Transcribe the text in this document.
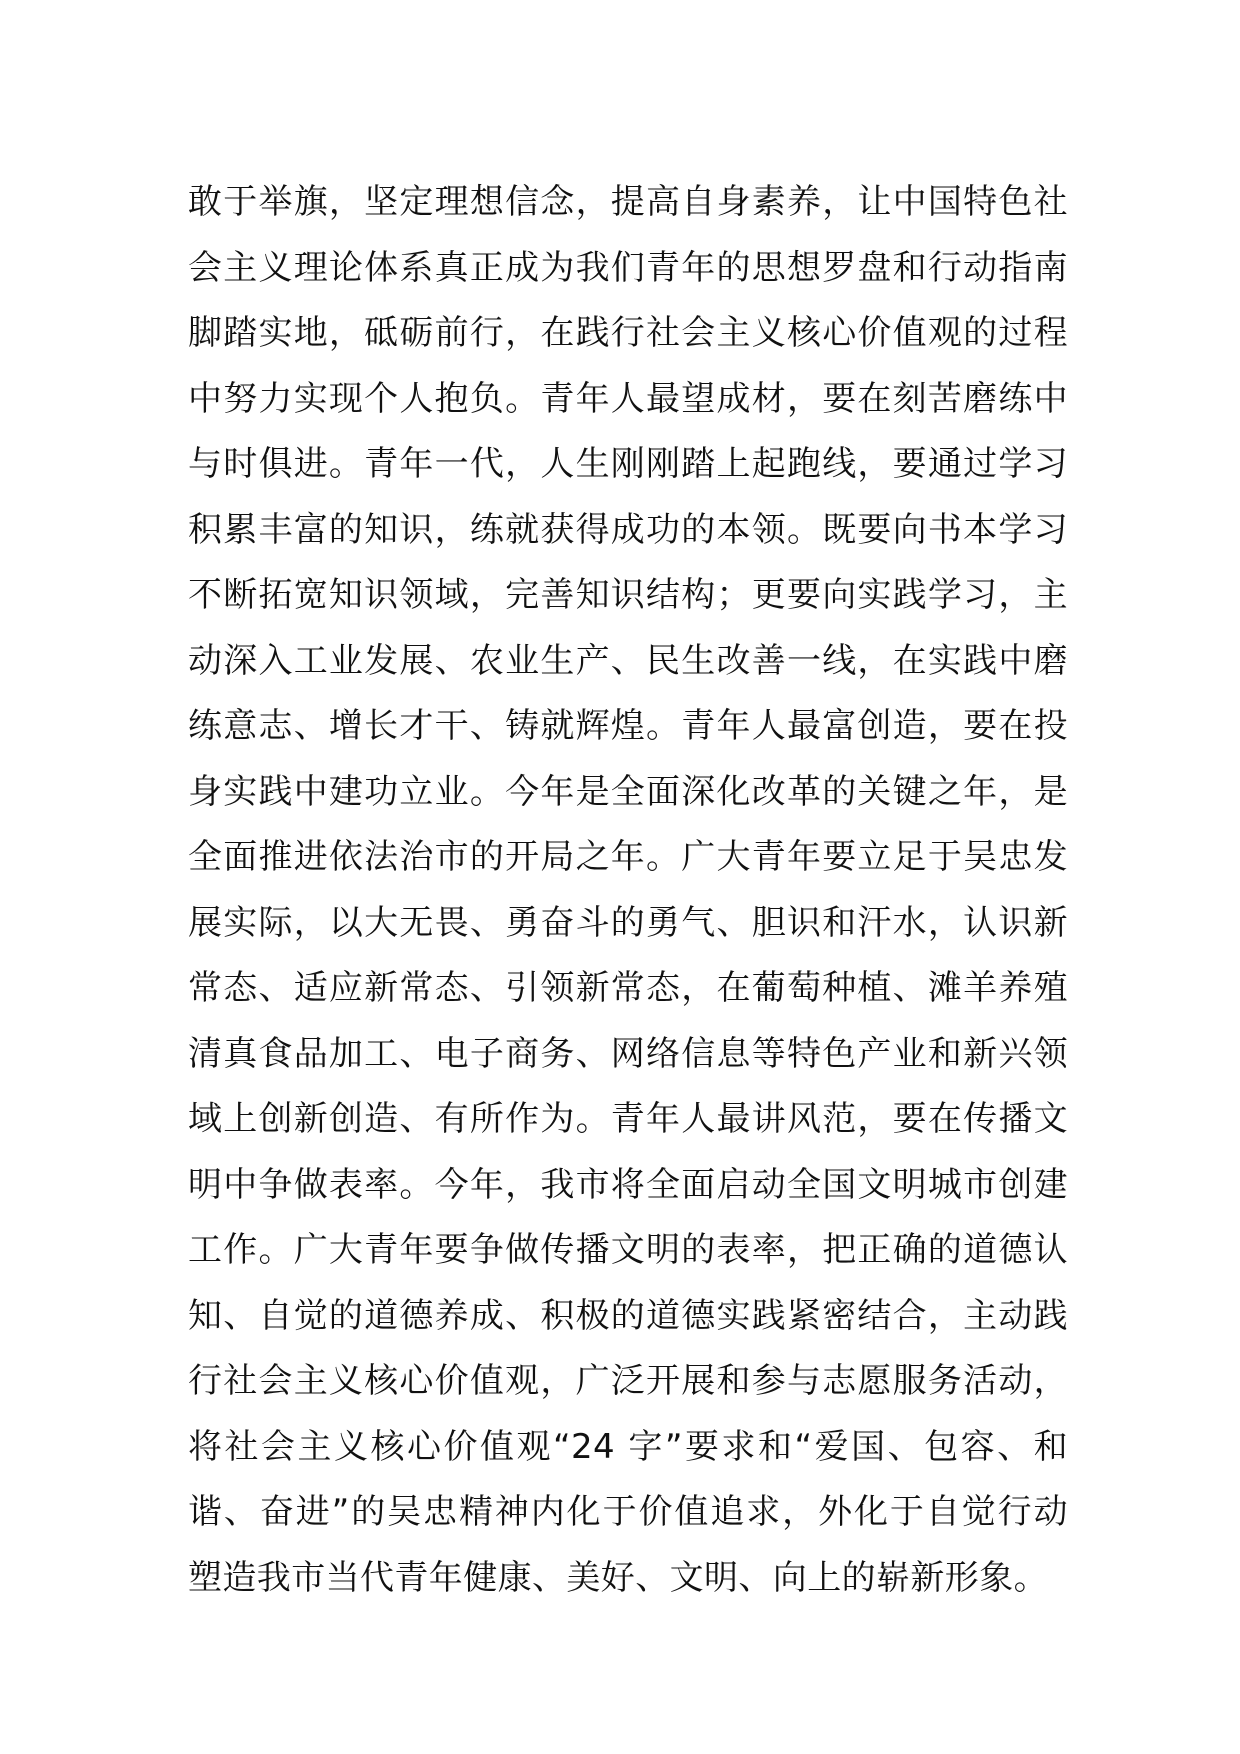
敢于举旗，坚定理想信念，提高自身素养，让中国特色社
会主义理论体系真正成为我们青年的思想罗盘和行动指南
脚踏实地，砥砺前行，在践行社会主义核心价值观的过程
中努力实现个人抱负。青年人最望成材，要在刻苦磨练中
与时俱进。青年一代，人生刚刚踏上起跑线，要通过学习
积累丰富的知识，练就获得成功的本领。既要向书本学习
不断拓宽知识领域，完善知识结构；更要向实践学习，主
动深入工业发展、农业生产、民生改善一线，在实践中磨
练意志、增长才干、铸就辉煌。青年人最富创造，要在投
身实践中建功立业。今年是全面深化改革的关键之年，是
全面推进依法治市的开局之年。广大青年要立足于吴忠发
展实际，以大无畏、勇奋斗的勇气、胆识和汗水，认识新
常态、适应新常态、引领新常态，在葡萄种植、滩羊养殖
清真食品加工、电子商务、网络信息等特色产业和新兴领
域上创新创造、有所作为。青年人最讲风范，要在传播文
明中争做表率。今年，我市将全面启动全国文明城市创建
工作。广大青年要争做传播文明的表率，把正确的道德认
知、自觉的道德养成、积极的道德实践紧密结合，主动践
行社会主义核心价值观，广泛开展和参与志愿服务活动，
将社会主义核心价值观“24 字”要求和“爱国、包容、和
谐、奋进”的吴忠精神内化于价值追求，外化于自觉行动
塑造我市当代青年健康、美好、文明、向上的崭新形象。
